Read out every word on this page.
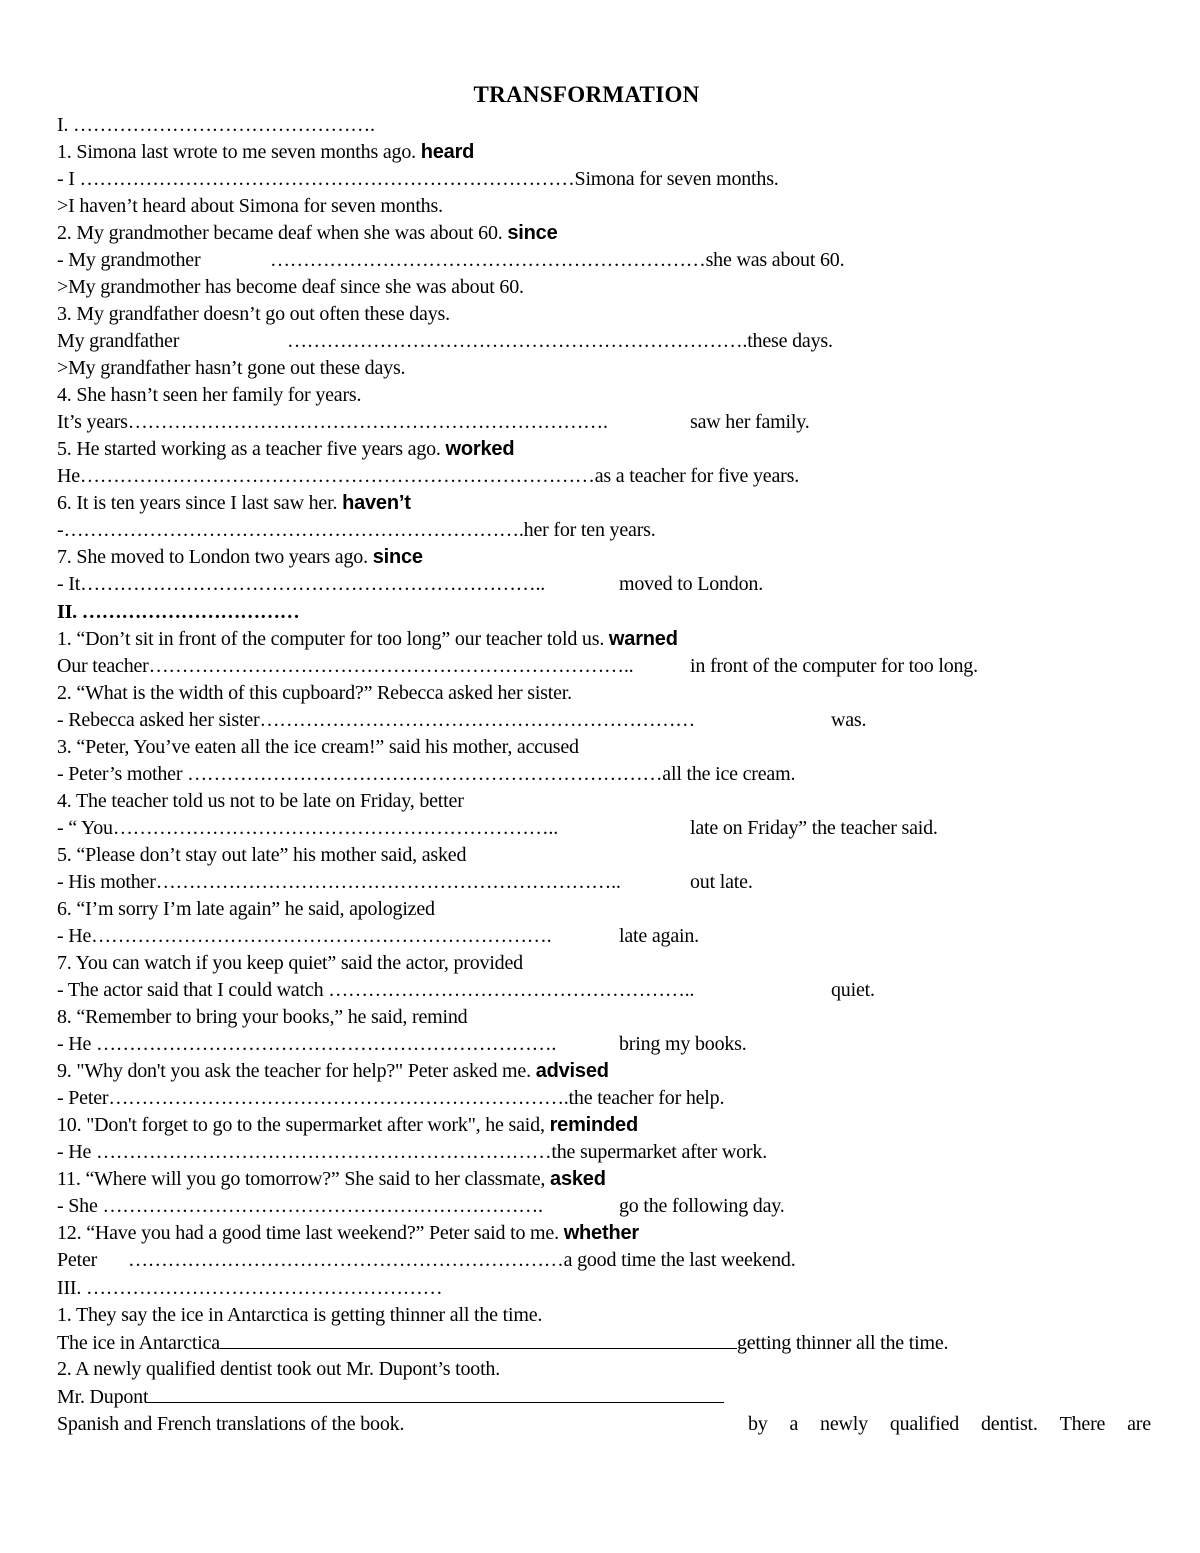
TRANSFORMATION
I. ……………………………………….
1. Simona last wrote to me seven months ago. heard
- I …………………………………………………………………Simona for seven months.
>I haven’t heard about Simona for seven months.
2. My grandmother became deaf when she was about 60. since
- My grandmother	…………………………………………………………she was about 60.
>My grandmother has become deaf since she was about 60.
3. My grandfather doesn’t go out often these days.
My grandfather	…………………………………………………………….these days.
>My grandfather hasn’t gone out these days.
4. She hasn’t seen her family for years.
It’s years……………………………………………………………….	saw her family.
5. He started working as a teacher five years ago. worked
He……………………………………………………………………as a teacher for five years.
6. It is ten years since I last saw her. haven’t
-…………………………………………………………….her for ten years.
7. She moved to London two years ago. since
- It……………………………………………………………..	moved to London.
II. ……………………………
1. “Don’t sit in front of the computer for too long” our teacher told us. warned
Our teacher………………………………………………………………..	in front of the computer for too long.
2. “What is the width of this cupboard?” Rebecca asked her sister.
- Rebecca asked her sister…………………………………………………………	was.
3. “Peter, You’ve eaten all the ice cream!” said his mother, accused
- Peter’s mother ………………………………………………………………all the ice cream.
4. The teacher told us not to be late on Friday, better
- “ You…………………………………………………………..	late on Friday” the teacher said.
5. “Please don’t stay out late” his mother said, asked
- His mother……………………………………………………………..	out late.
6. “I’m sorry I’m late again” he said, apologized
- He…………………………………………………………….	late again.
7. You can watch if you keep quiet” said the actor, provided
- The actor said that I could watch ………………………………………………..	quiet.
8. “Remember to bring your books,” he said, remind
- He …………………………………………………………….	bring my books.
9. "Why don't you ask the teacher for help?" Peter asked me. advised
- Peter…………………………………………………………….the teacher for help.
10. "Don't forget to go to the supermarket after work", he said, reminded
- He ……………………………………………………………the supermarket after work.
11. “Where will you go tomorrow?” She said to her classmate, asked
- She ………………………………………………………….	go the following day.
12. “Have you had a good time last weekend?” Peter said to me. whether
Peter …………………………………………………………a good time the last weekend.
III. ………………………………………………
1. They say the ice in Antarctica is getting thinner all the time.
The ice in Antarctica	getting thinner all the time.
2. A newly qualified dentist took out Mr. Dupont’s tooth.
Mr. Dupont
by a newly qualified dentist. There are
Spanish and French translations of the book.
